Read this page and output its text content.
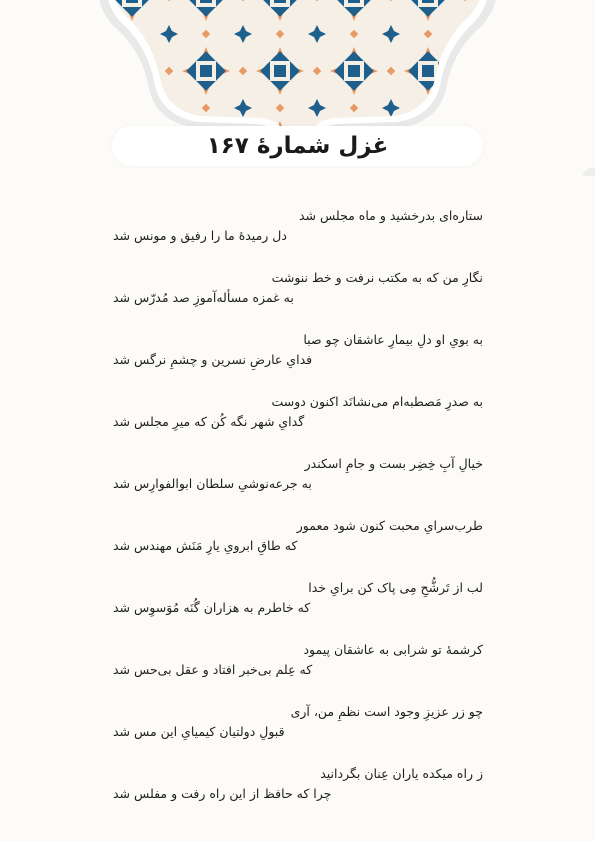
غزل شمارهٔ ۱۶۷
ستاره‌ای بدرخشید و ماه مجلس شد
دل رمیدهٔ ما را رفیق و مونس شد
نگارِ من که به مکتب نرفت و خط ننوشت
به غمزه مسأله‌آموزِ صد مُدرّس شد
به بویِ او دلِ بیمارِ عاشقان چو صبا
فدایِ عارضِ نسرین و چشمِ نرگس شد
به صدرِ مَصطبه‌ام می‌نشانَد اکنون دوست
گدایِ شهر نگه کُن که میرِ مجلس شد
خیالِ آبِ خِضِر بست و جامِ اسکندر
به جرعه‌نوشیِ سلطان ابوالفوارِس شد
طرب‌سرایِ محبت کنون شود معمور
که طاقِ ابرویِ یارِ مَنَش مهندس شد
لب از تَرشُّحِ مِی پاک کن برایِ خدا
که خاطرم به هزاران گُنَه مُوَسوِس شد
کرشمهٔ تو شرابی به عاشقان پیمود
که عِلم بی‌خبر افتاد و عقل بی‌حس شد
چو زر عزیزِ وجود است نظمِ من، آری
قبولِ دولتیان کیمیایِ این مس شد
ز راه میکده یاران عِنان بگردانید
چرا که حافظ از این راه رفت و مفلس شد
